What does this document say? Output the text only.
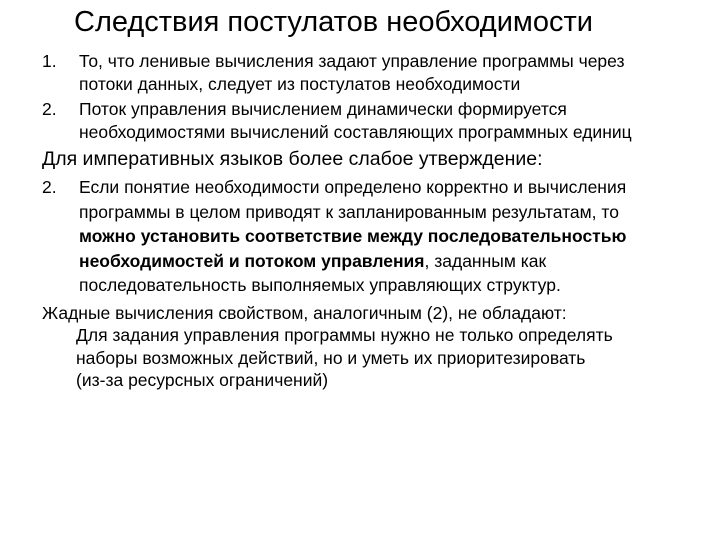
Следствия постулатов необходимости
1. То, что ленивые вычисления задают управление программы через
потоки данных, следует из постулатов необходимости
2. Поток управления вычислением динамически формируется
необходимостями вычислений составляющих программных единиц
Для императивных языков более слабое утверждение:
2. Если понятие необходимости определено корректно и вычисления
программы в целом приводят к запланированным результатам, то
можно установить соответствие между последовательностью
необходимостей и потоком управления, заданным как
последовательность выполняемых управляющих структур.
Жадные вычисления свойством, аналогичным (2), не обладают:
Для задания управления программы нужно не только определять
наборы возможных действий, но и уметь их приоритезировать
(из-за ресурсных ограничений)
